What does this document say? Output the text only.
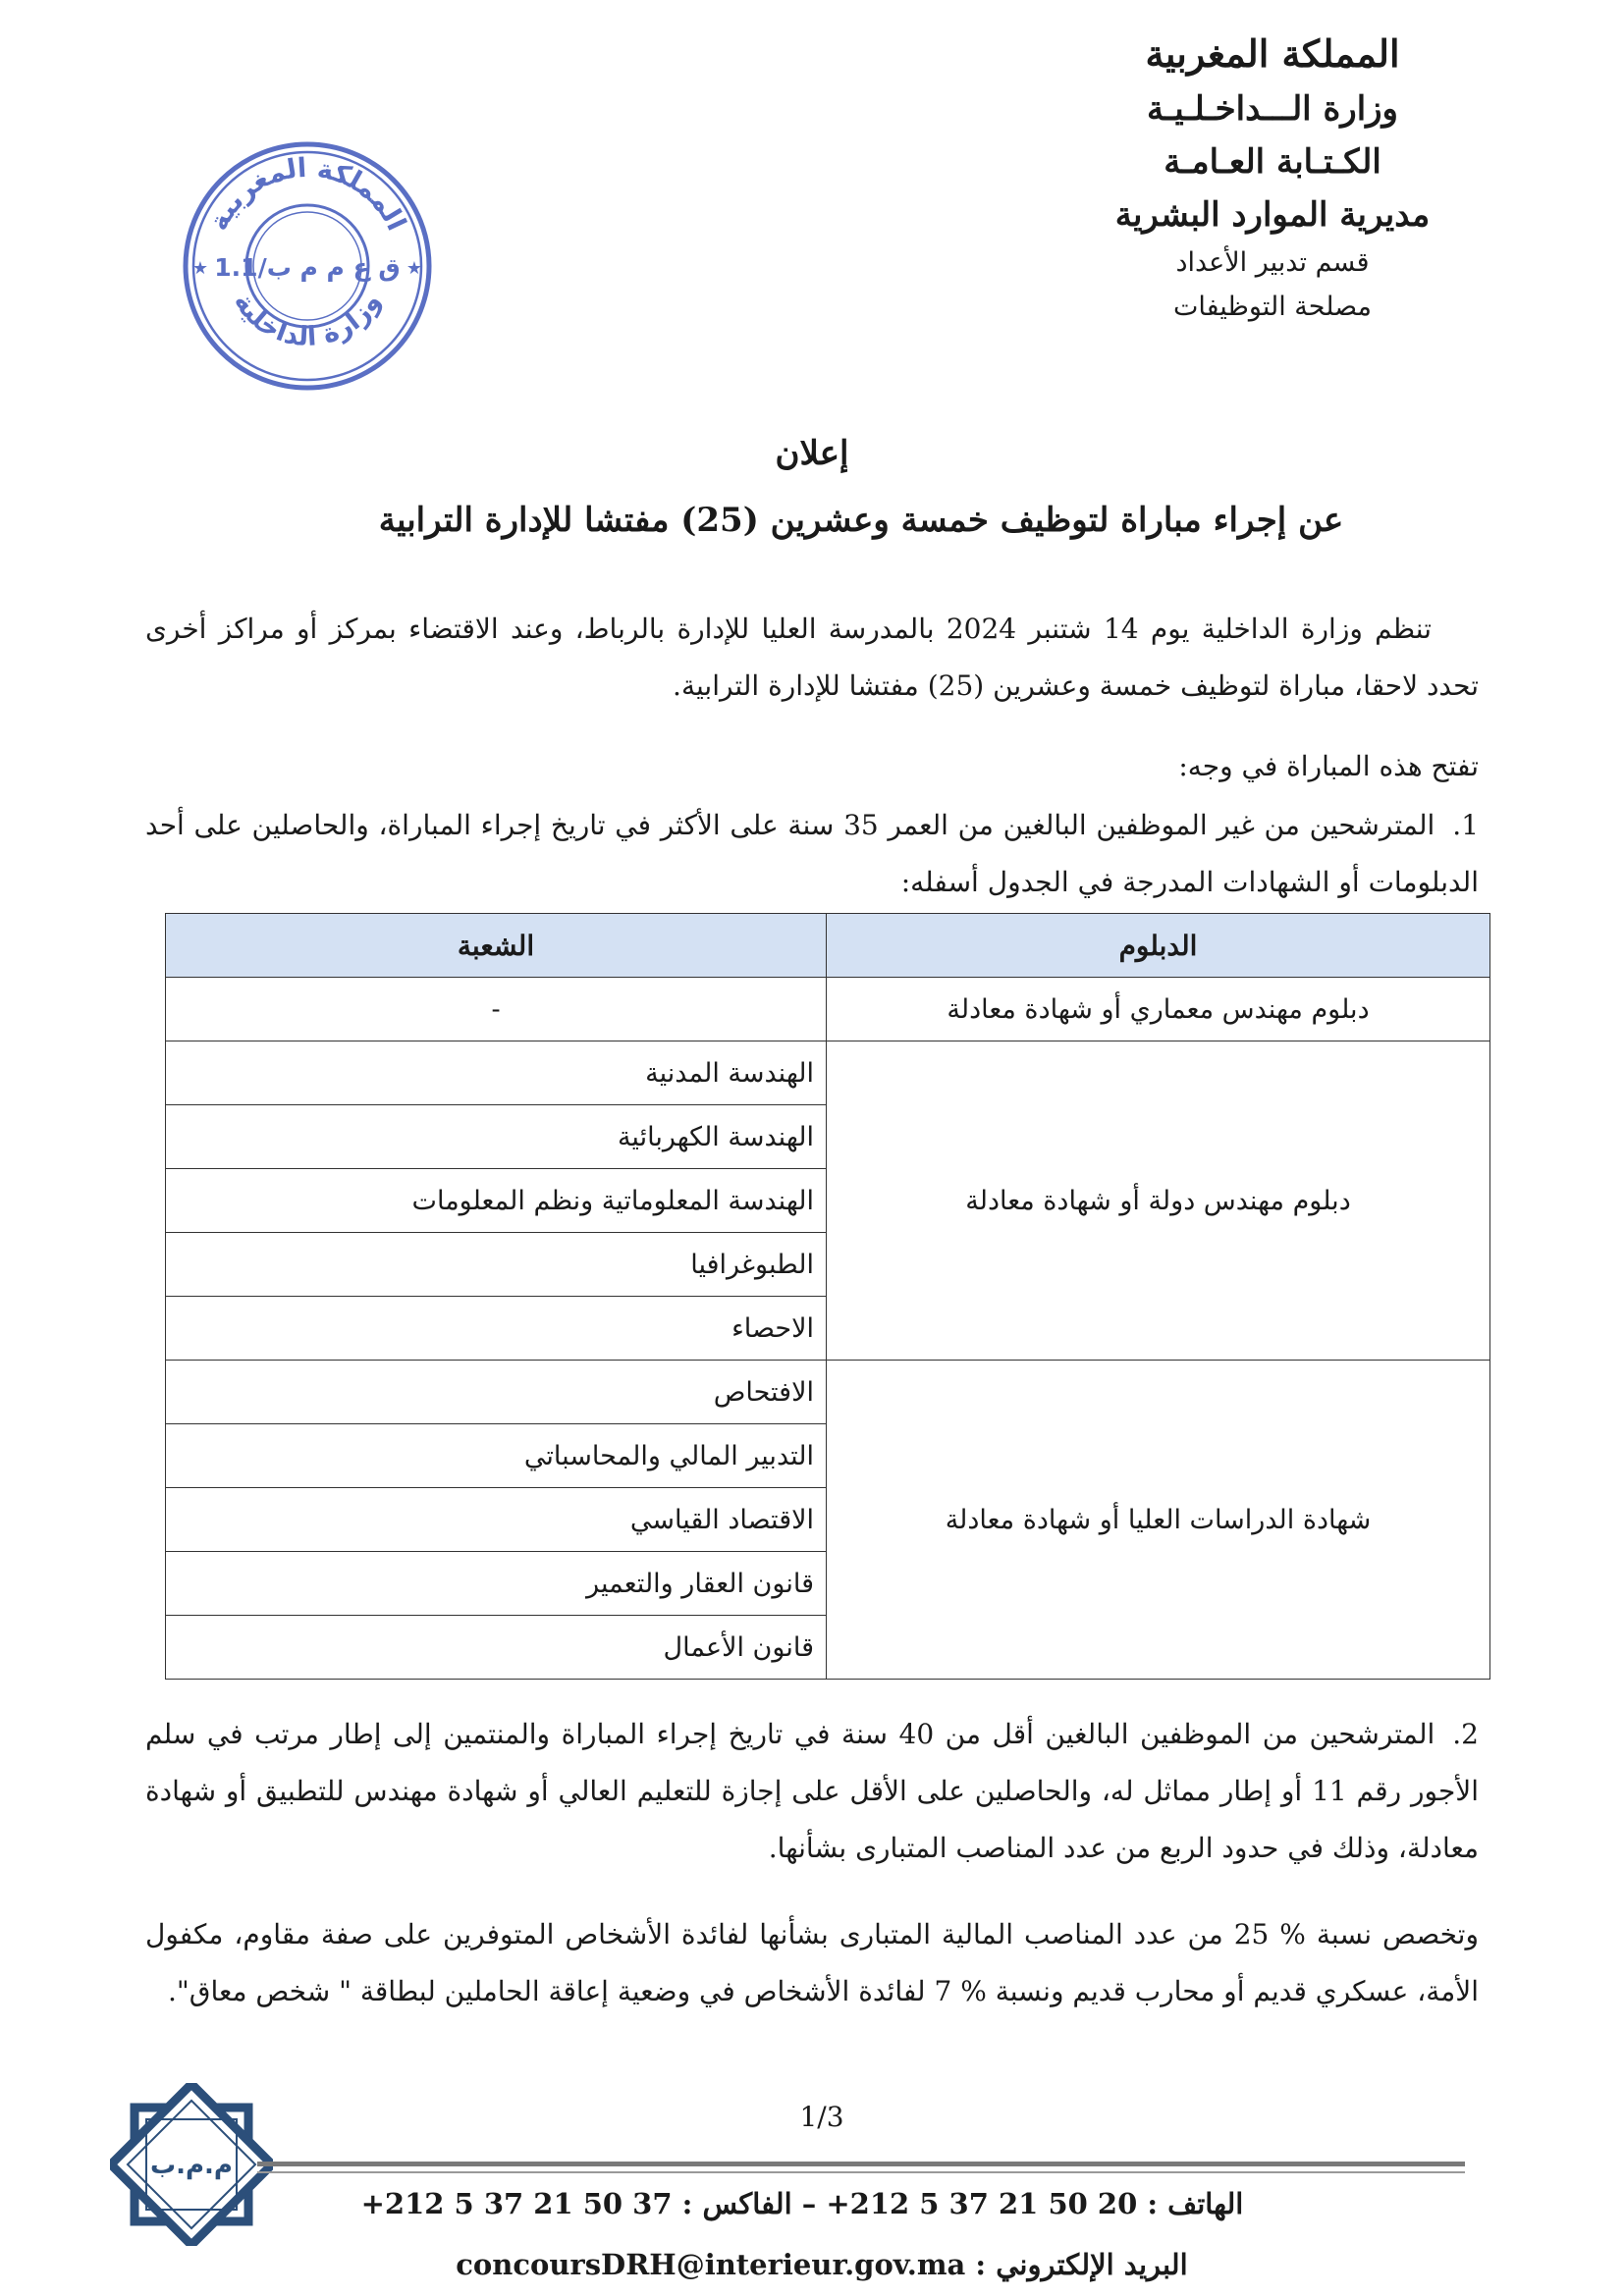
المملكة المغربية
وزارة الـــداخـلـيـة
الكـتـابة العـامـة
مديرية الموارد البشرية
قسم تدبير الأعداد
مصلحة التوظيفات
المملكة المغربية
وزارة الداخلية
ق ع م م ب/1.1
★	★
إعلان
عن إجراء مباراة لتوظيف خمسة وعشرين (25) مفتشا للإدارة الترابية
تنظم وزارة الداخلية يوم 14 شتنبر 2024 بالمدرسة العليا للإدارة بالرباط، وعند الاقتضاء بمركز أو مراكز أخرى تحدد لاحقا، مباراة لتوظيف خمسة وعشرين (25) مفتشا للإدارة الترابية.
تفتح هذه المباراة في وجه:
1.المترشحين من غير الموظفين البالغين من العمر 35 سنة على الأكثر في تاريخ إجراء المباراة، والحاصلين على أحد الدبلومات أو الشهادات المدرجة في الجدول أسفله:
الدبلوم	الشعبة
دبلوم مهندس معماري أو شهادة معادلة	-
دبلوم مهندس دولة أو شهادة معادلة	الهندسة المدنية
	الهندسة الكهربائية
	الهندسة المعلوماتية ونظم المعلومات
	الطبوغرافيا
	الاحصاء
شهادة الدراسات العليا أو شهادة معادلة	الافتحاص
	التدبير المالي والمحاسباتي
	الاقتصاد القياسي
	قانون العقار والتعمير
	قانون الأعمال
2.المترشحين من الموظفين البالغين أقل من 40 سنة في تاريخ إجراء المباراة والمنتمين إلى إطار مرتب في سلم الأجور رقم 11 أو إطار مماثل له، والحاصلين على الأقل على إجازة للتعليم العالي أو شهادة مهندس للتطبيق أو شهادة معادلة، وذلك في حدود الربع من عدد المناصب المتبارى بشأنها.
وتخصص نسبة % 25 من عدد المناصب المالية المتبارى بشأنها لفائدة الأشخاص المتوفرين على صفة مقاوم، مكفول الأمة، عسكري قديم أو محارب قديم ونسبة % 7 لفائدة الأشخاص في وضعية إعاقة الحاملين لبطاقة " شخص معاق".
1/3
م.م.ب
الهاتف : +212 5 37 21 50 20 – الفاكس : +212 5 37 21 50 37
البريد الإلكتروني : concoursDRH@interieur.gov.ma
